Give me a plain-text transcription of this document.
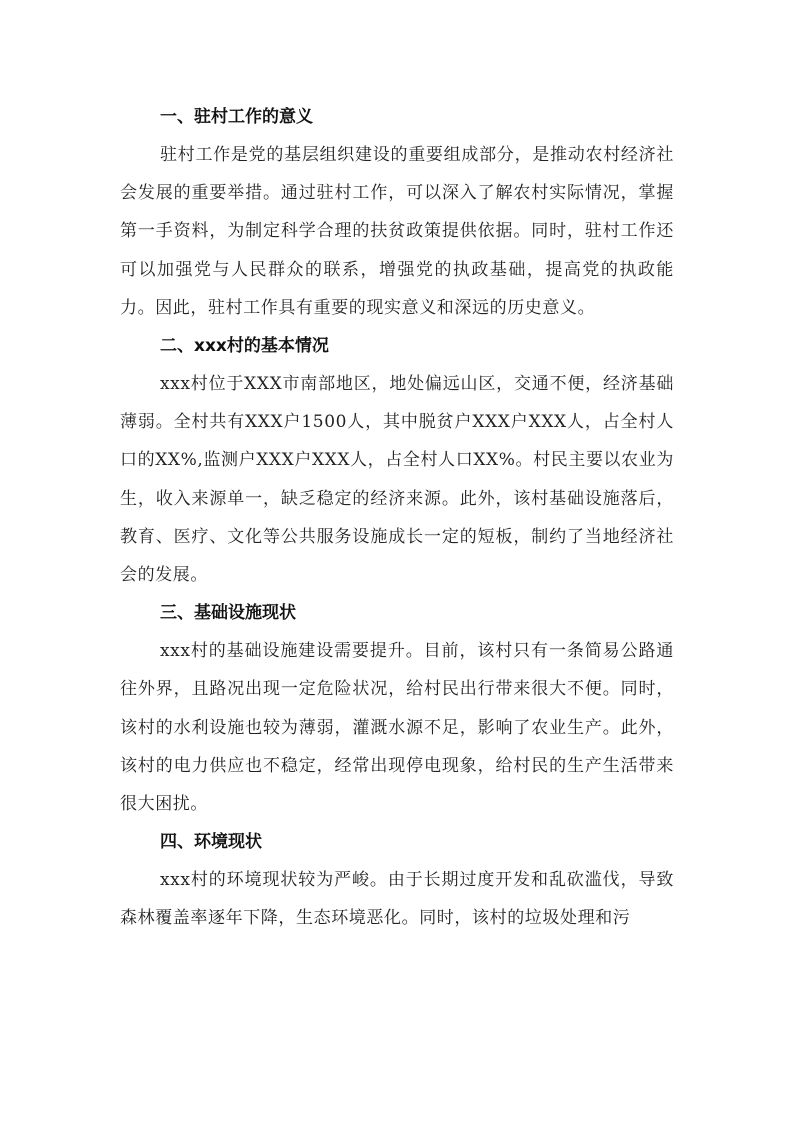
一、驻村工作的意义

驻村工作是党的基层组织建设的重要组成部分，是推动农村经济社会发展的重要举措。通过驻村工作，可以深入了解农村实际情况，掌握第一手资料，为制定科学合理的扶贫政策提供依据。同时，驻村工作还可以加强党与人民群众的联系，增强党的执政基础，提高党的执政能力。因此，驻村工作具有重要的现实意义和深远的历史意义。

二、xxx村的基本情况

xxx村位于XXX市南部地区，地处偏远山区，交通不便，经济基础薄弱。全村共有XXX户1500人，其中脱贫户XXX户XXX人，占全村人口的XX%,监测户XXX户XXX人，占全村人口XX%。村民主要以农业为生，收入来源单一，缺乏稳定的经济来源。此外，该村基础设施落后，教育、医疗、文化等公共服务设施成长一定的短板，制约了当地经济社会的发展。

三、基础设施现状

xxx村的基础设施建设需要提升。目前，该村只有一条简易公路通往外界，且路况出现一定危险状况，给村民出行带来很大不便。同时，该村的水利设施也较为薄弱，灌溉水源不足，影响了农业生产。此外，该村的电力供应也不稳定，经常出现停电现象，给村民的生产生活带来很大困扰。

四、环境现状

xxx村的环境现状较为严峻。由于长期过度开发和乱砍滥伐，导致森林覆盖率逐年下降，生态环境恶化。同时，该村的垃圾处理和污
